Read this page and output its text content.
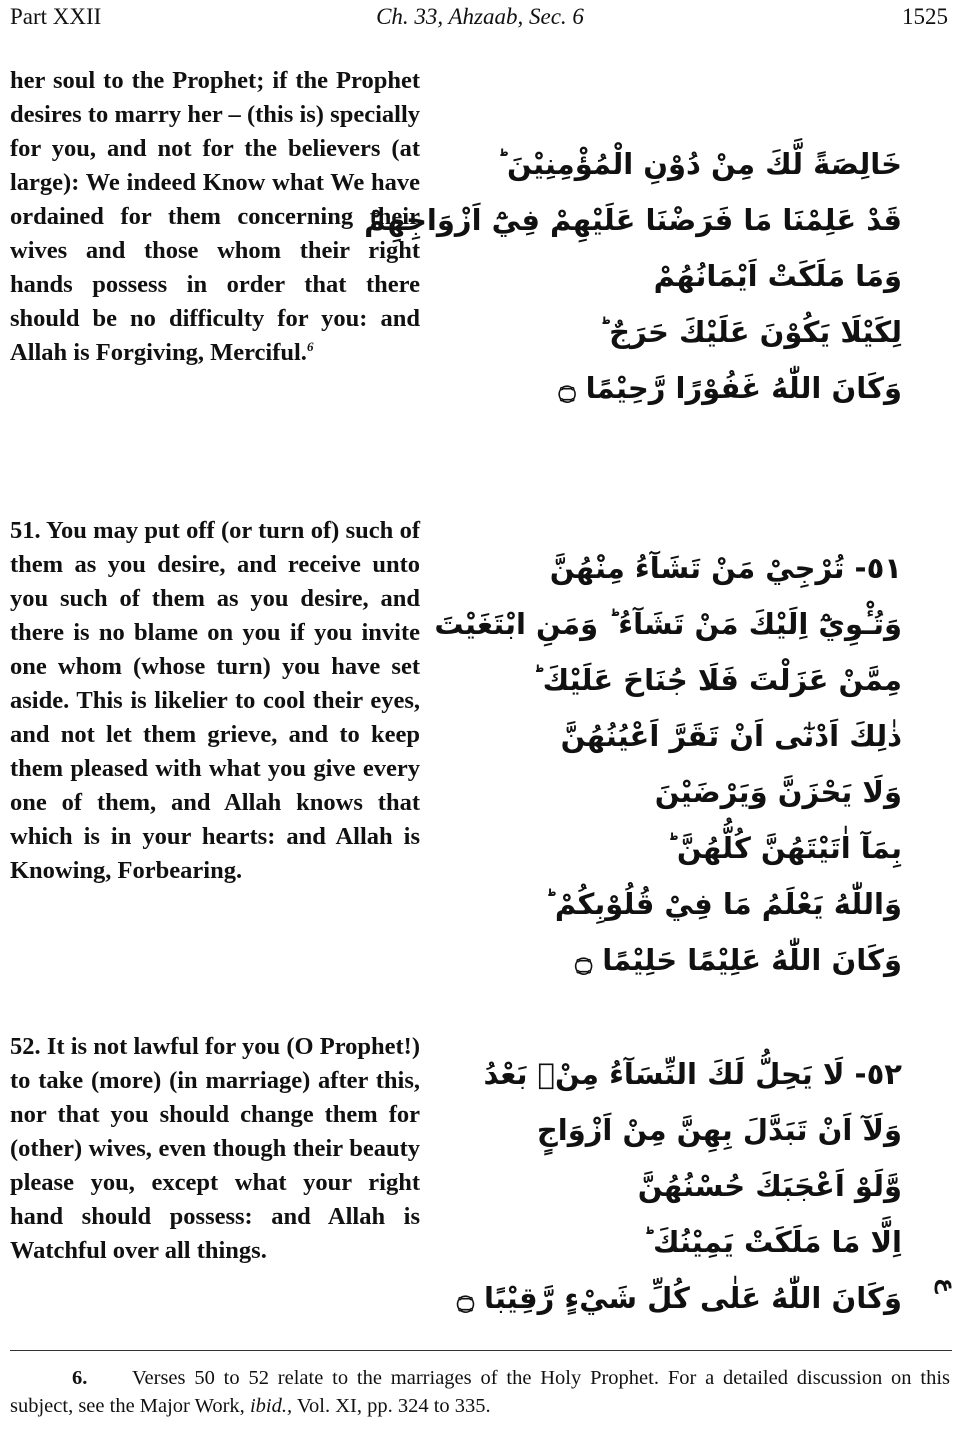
Part XXII	Ch. 33, Ahzaab, Sec. 6	1525

her soul to the Prophet; if the Prophet desires to marry her – (this is) specially for you, and not for the believers (at large): We indeed Know what We have ordained for them concerning their wives and those whom their right hands possess in order that there should be no difficulty for you: and Allah is Forgiving, Merciful.$^6$

خَالِصَةً لَّكَ مِنْ دُوْنِ الْمُؤْمِنِيْنَ ؕ
قَدْ عَلِمْنَا مَا فَرَضْنَا عَلَيْهِمْ فِيْٓ اَزْوَاجِهِمْ
وَمَا مَلَكَتْ اَيْمَانُهُمْ
لِكَيْلَا يَكُوْنَ عَلَيْكَ حَرَجٌ ؕ
وَكَانَ اللّٰهُ غَفُوْرًا رَّحِيْمًا ۝

51. You may put off (or turn of) such of them as you desire, and receive unto you such of them as you desire, and there is no blame on you if you invite one whom (whose turn) you have set aside. This is likelier to cool their eyes, and not let them grieve, and to keep them pleased with what you give every one of them, and Allah knows that which is in your hearts: and Allah is Knowing, Forbearing.

٥١- تُرْجِيْ مَنْ تَشَآءُ مِنْهُنَّ
وَتُـْٔوِيْٓ اِلَيْكَ مَنْ تَشَآءُ ؕ وَمَنِ ابْتَغَيْتَ
مِمَّنْ عَزَلْتَ فَلَا جُنَاحَ عَلَيْكَ ؕ
ذٰلِكَ اَدْنٰٓى اَنْ تَقَرَّ اَعْيُنُهُنَّ
وَلَا يَحْزَنَّ وَيَرْضَيْنَ
بِمَآ اٰتَيْتَهُنَّ كُلُّهُنَّ ؕ
وَاللّٰهُ يَعْلَمُ مَا فِيْ قُلُوْبِكُمْ ؕ
وَكَانَ اللّٰهُ عَلِيْمًا حَلِيْمًا ۝

52. It is not lawful for you (O Prophet!) to take (more) (in marriage) after this, nor that you should change them for (other) wives, even though their beauty please you, except what your right hand should possess: and Allah is Watchful over all things.

٥٢- لَا يَحِلُّ لَكَ النِّسَآءُ مِنْۢ بَعْدُ
وَلَآ اَنْ تَبَدَّلَ بِهِنَّ مِنْ اَزْوَاجٍ
وَّلَوْ اَعْجَبَكَ حُسْنُهُنَّ
اِلَّا مَا مَلَكَتْ يَمِيْنُكَ ؕ
وَكَانَ اللّٰهُ عَلٰى كُلِّ شَيْءٍ رَّقِيْبًا ۝ ع

6. Verses 50 to 52 relate to the marriages of the Holy Prophet. For a detailed discussion on this subject, see the Major Work, ibid., Vol. XI, pp. 324 to 335.
